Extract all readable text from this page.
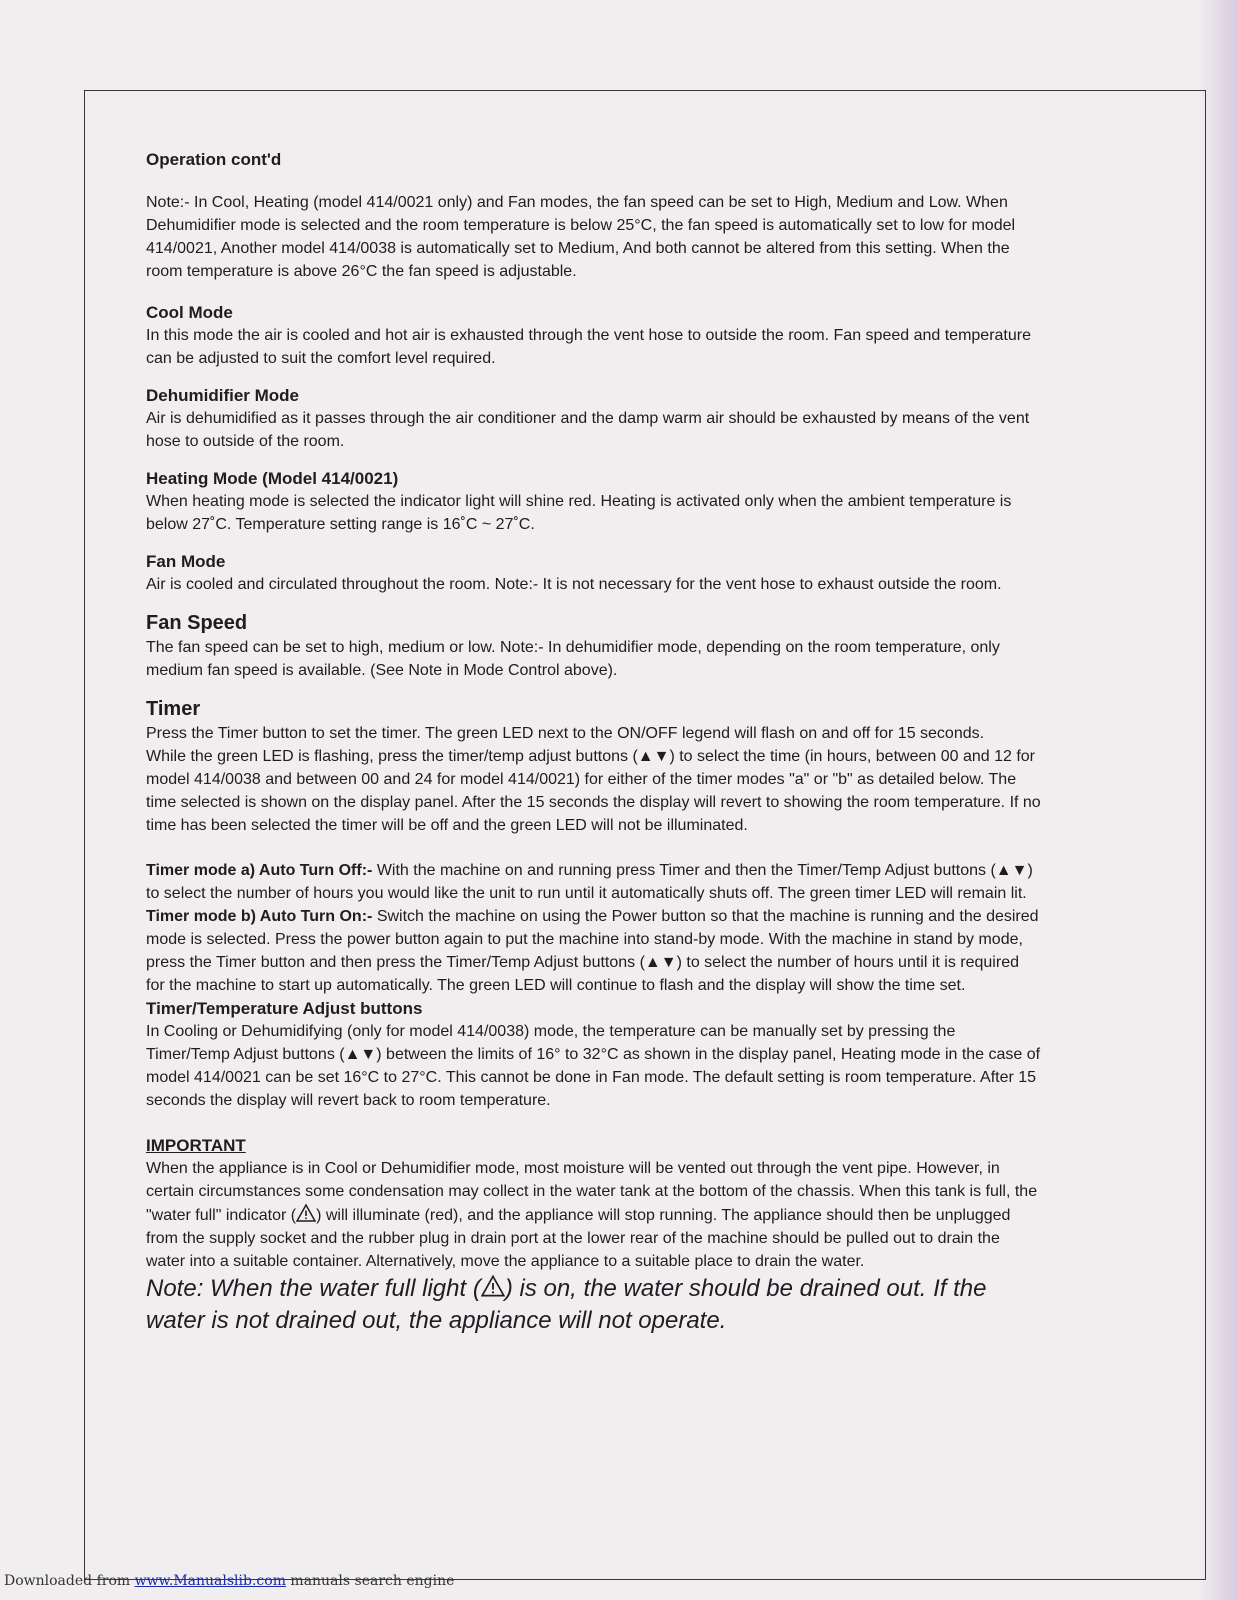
Operation cont'd

Note:- In Cool, Heating (model 414/0021 only) and Fan modes, the fan speed can be set to High, Medium and Low. When Dehumidifier mode is selected and the room temperature is below 25°C, the fan speed is automatically set to low for model 414/0021, Another model 414/0038 is automatically set to Medium, And both cannot be altered from this setting. When the room temperature is above 26°C the fan speed is adjustable.

Cool Mode

In this mode the air is cooled and hot air is exhausted through the vent hose to outside the room. Fan speed and temperature can be adjusted to suit the comfort level required.

Dehumidifier Mode

Air is dehumidified as it passes through the air conditioner and the damp warm air should be exhausted by means of the vent hose to outside of the room.

Heating Mode (Model 414/0021)

When heating mode is selected the indicator light will shine red. Heating is activated only when the ambient temperature is below 27˚C. Temperature setting range is 16˚C ~ 27˚C.

Fan Mode

Air is cooled and circulated throughout the room. Note:- It is not necessary for the vent hose to exhaust outside the room.

Fan Speed

The fan speed can be set to high, medium or low. Note:- In dehumidifier mode, depending on the room temperature, only medium fan speed is available. (See Note in Mode Control above).

Timer

Press the Timer button to set the timer. The green LED next to the ON/OFF legend will flash on and off for 15 seconds.

While the green LED is flashing, press the timer/temp adjust buttons (▲▼) to select the time (in hours, between 00 and 12 for model 414/0038 and between 00 and 24 for model 414/0021) for either of the timer modes "a" or "b" as detailed below. The time selected is shown on the display panel. After the 15 seconds the display will revert to showing the room temperature. If no time has been selected the timer will be off and the green LED will not be illuminated.

Timer mode a) Auto Turn Off:- With the machine on and running press Timer and then the Timer/Temp Adjust buttons (▲▼) to select the number of hours you would like the unit to run until it automatically shuts off. The green timer LED will remain lit.

Timer mode b) Auto Turn On:- Switch the machine on using the Power button so that the machine is running and the desired mode is selected. Press the power button again to put the machine into stand-by mode. With the machine in stand by mode, press the Timer button and then press the Timer/Temp Adjust buttons (▲▼) to select the number of hours until it is required for the machine to start up automatically. The green LED will continue to flash and the display will show the time set.

Timer/Temperature Adjust buttons

In Cooling or Dehumidifying (only for model 414/0038) mode, the temperature can be manually set by pressing the Timer/Temp Adjust buttons (▲▼) between the limits of 16° to 32°C as shown in the display panel, Heating mode in the case of model 414/0021 can be set 16°C to 27°C. This cannot be done in Fan mode. The default setting is room temperature. After 15 seconds the display will revert back to room temperature.

IMPORTANT

When the appliance is in Cool or Dehumidifier mode, most moisture will be vented out through the vent pipe. However, in certain circumstances some condensation may collect in the water tank at the bottom of the chassis. When this tank is full, the "water full" indicator ( ) will illuminate (red), and the appliance will stop running. The appliance should then be unplugged from the supply socket and the rubber plug in drain port at the lower rear of the machine should be pulled out to drain the water into a suitable container. Alternatively, move the appliance to a suitable place to drain the water.

Note: When the water full light ( ) is on, the water should be drained out. If the water is not drained out, the appliance will not operate.

Downloaded from www.Manualslib.com manuals search engine
